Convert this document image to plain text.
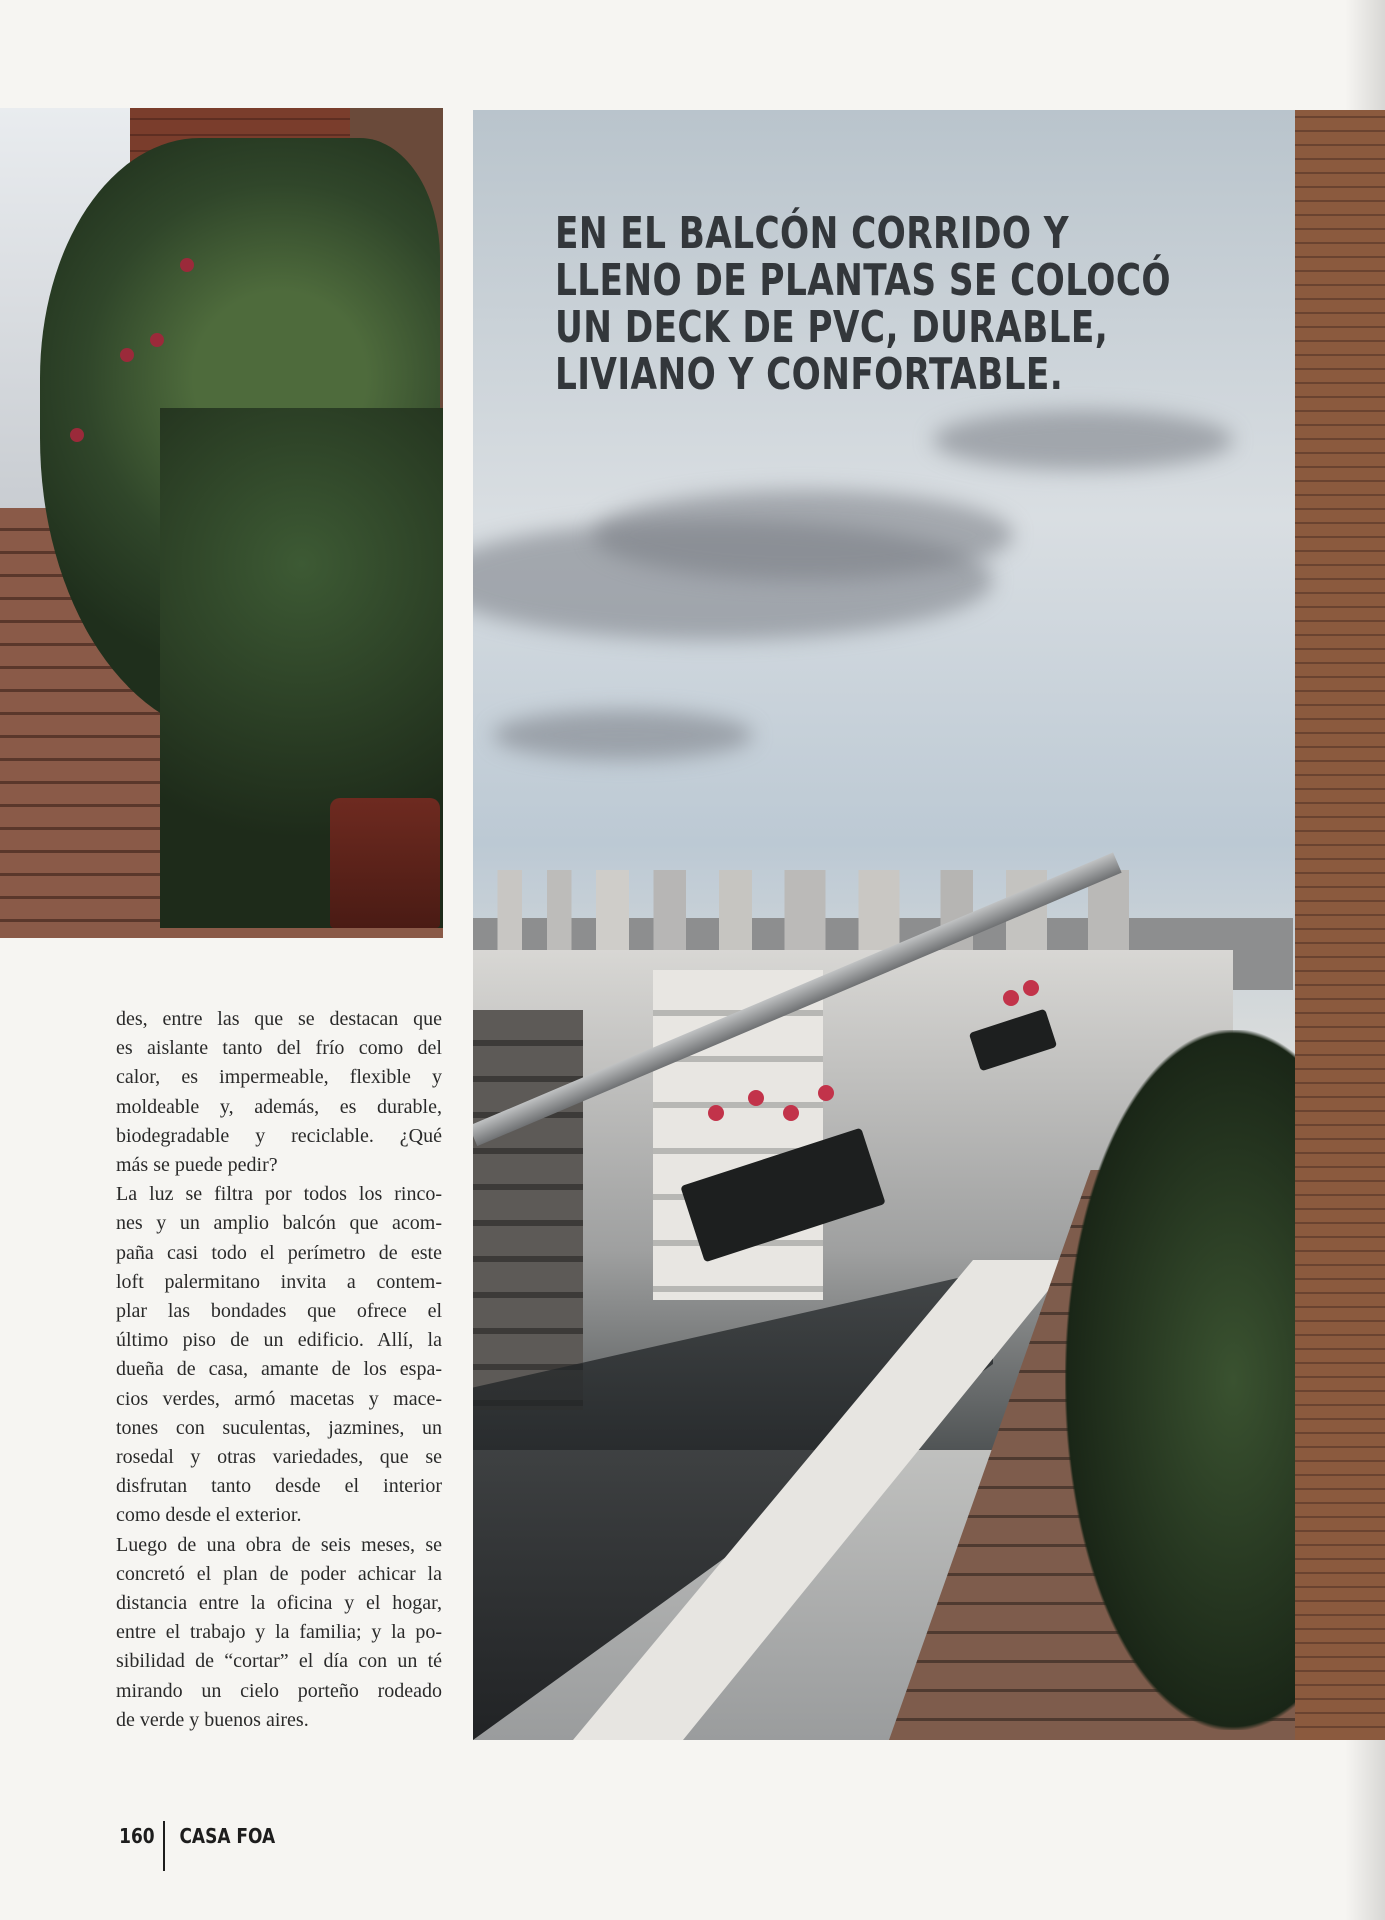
EN EL BALCÓN CORRIDO Y
LLENO DE PLANTAS SE COLOCÓ
UN DECK DE PVC, DURABLE,
LIVIANO Y CONFORTABLE.

des, entre las que se destacan que
es aislante tanto del frío como del
calor, es impermeable, flexible y
moldeable y, además, es durable,
biodegradable y reciclable. ¿Qué
más se puede pedir?

La luz se filtra por todos los rinco-
nes y un amplio balcón que acom-
paña casi todo el perímetro de este
loft palermitano invita a contem-
plar las bondades que ofrece el
último piso de un edificio. Allí, la
dueña de casa, amante de los espa-
cios verdes, armó macetas y mace-
tones con suculentas, jazmines, un
rosedal y otras variedades, que se
disfrutan tanto desde el interior
como desde el exterior.

Luego de una obra de seis meses, se
concretó el plan de poder achicar la
distancia entre la oficina y el hogar,
entre el trabajo y la familia; y la po-
sibilidad de “cortar” el día con un té
mirando un cielo porteño rodeado
de verde y buenos aires.

160 CASA FOA
